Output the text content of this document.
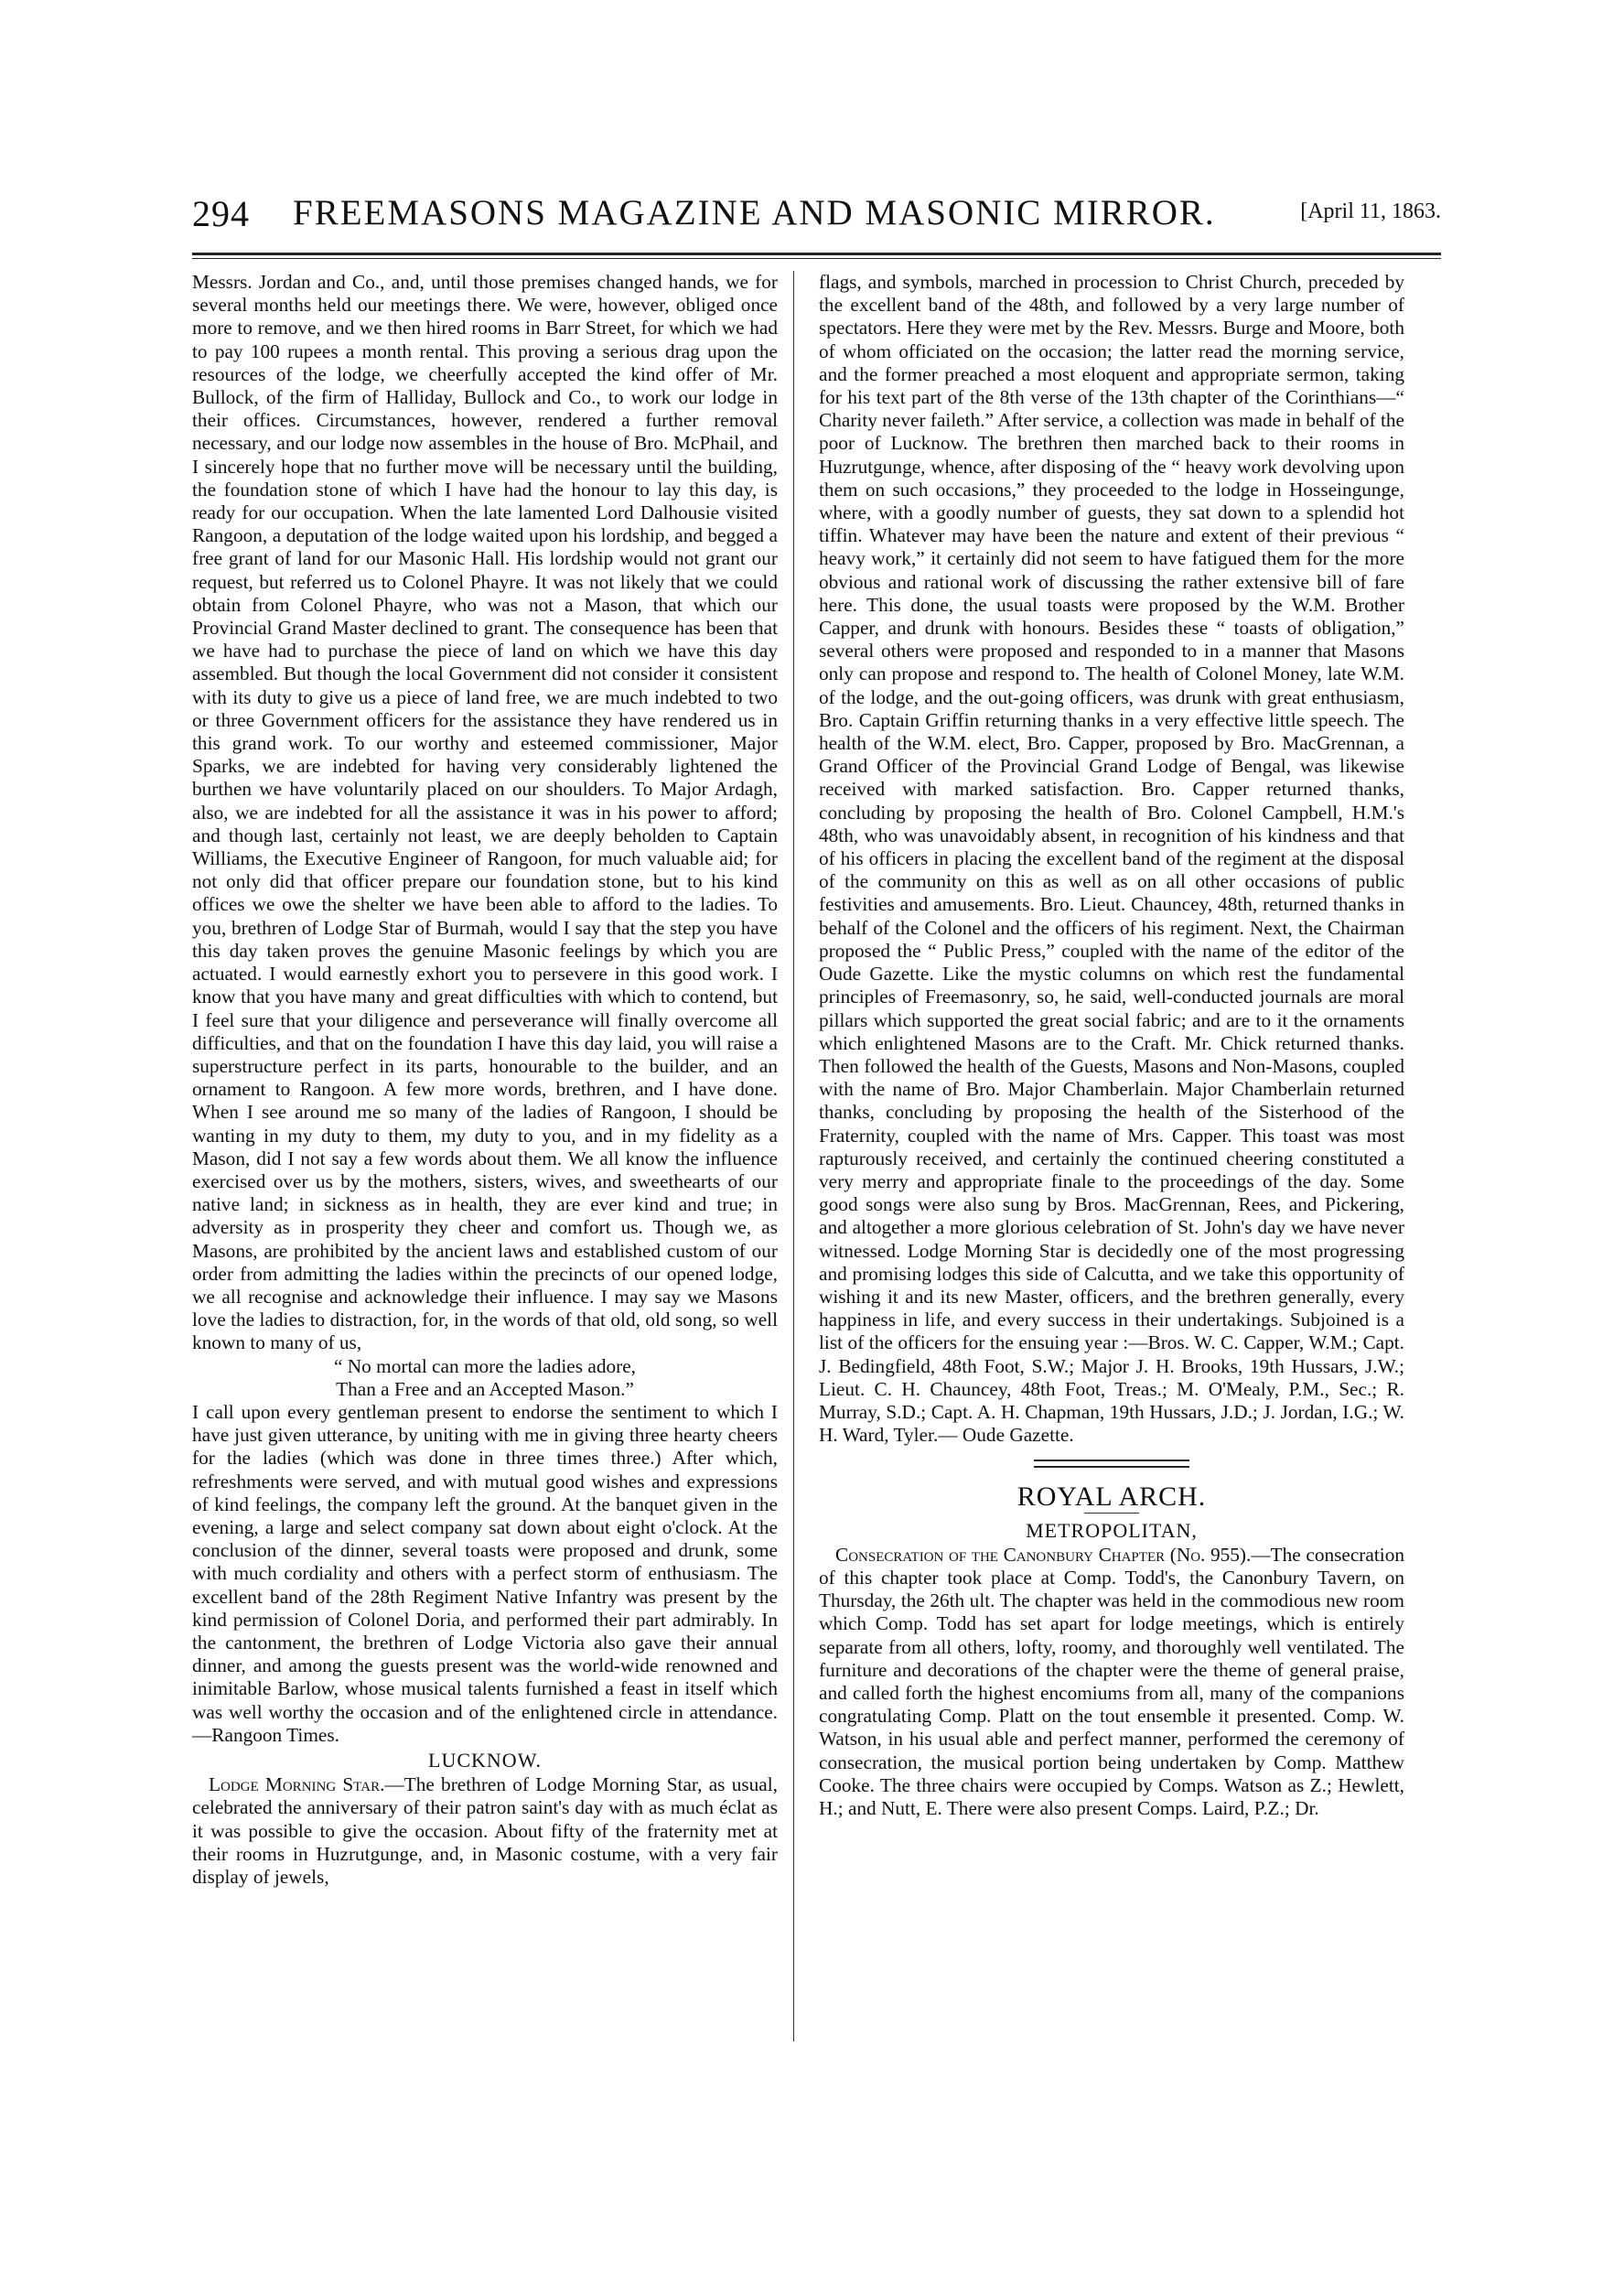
294 FREEMASONS MAGAZINE AND MASONIC MIRROR.	[April 11, 1863.

Messrs. Jordan and Co., and, until those premises changed hands, we for several months held our meetings there. We were, however, obliged once more to remove, and we then hired rooms in Barr Street, for which we had to pay 100 rupees a month rental. This proving a serious drag upon the resources of the lodge, we cheerfully accepted the kind offer of Mr. Bullock, of the firm of Halliday, Bullock and Co., to work our lodge in their offices. Circumstances, however, rendered a further removal necessary, and our lodge now assembles in the house of Bro. McPhail, and I sincerely hope that no further move will be necessary until the building, the foundation stone of which I have had the honour to lay this day, is ready for our occupation. When the late lamented Lord Dalhousie visited Rangoon, a deputation of the lodge waited upon his lordship, and begged a free grant of land for our Masonic Hall. His lordship would not grant our request, but referred us to Colonel Phayre. It was not likely that we could obtain from Colonel Phayre, who was not a Mason, that which our Provincial Grand Master declined to grant. The consequence has been that we have had to purchase the piece of land on which we have this day assembled. But though the local Government did not consider it consistent with its duty to give us a piece of land free, we are much indebted to two or three Government officers for the assistance they have rendered us in this grand work. To our worthy and esteemed commissioner, Major Sparks, we are indebted for having very considerably lightened the burthen we have voluntarily placed on our shoulders. To Major Ardagh, also, we are indebted for all the assistance it was in his power to afford; and though last, certainly not least, we are deeply beholden to Captain Williams, the Executive Engineer of Rangoon, for much valuable aid; for not only did that officer prepare our foundation stone, but to his kind offices we owe the shelter we have been able to afford to the ladies. To you, brethren of Lodge Star of Burmah, would I say that the step you have this day taken proves the genuine Masonic feelings by which you are actuated. I would earnestly exhort you to persevere in this good work. I know that you have many and great difficulties with which to contend, but I feel sure that your diligence and perseverance will finally overcome all difficulties, and that on the foundation I have this day laid, you will raise a superstructure perfect in its parts, honourable to the builder, and an ornament to Rangoon. A few more words, brethren, and I have done. When I see around me so many of the ladies of Rangoon, I should be wanting in my duty to them, my duty to you, and in my fidelity as a Mason, did I not say a few words about them. We all know the influence exercised over us by the mothers, sisters, wives, and sweethearts of our native land; in sickness as in health, they are ever kind and true; in adversity as in prosperity they cheer and comfort us. Though we, as Masons, are prohibited by the ancient laws and established custom of our order from admitting the ladies within the precincts of our opened lodge, we all recognise and acknowledge their influence. I may say we Masons love the ladies to distraction, for, in the words of that old, old song, so well known to many of us,

“ No mortal can more the ladies adore,

Than a Free and an Accepted Mason.”

I call upon every gentleman present to endorse the sentiment to which I have just given utterance, by uniting with me in giving three hearty cheers for the ladies (which was done in three times three.) After which, refreshments were served, and with mutual good wishes and expressions of kind feelings, the company left the ground. At the banquet given in the evening, a large and select company sat down about eight o'clock. At the conclusion of the dinner, several toasts were proposed and drunk, some with much cordiality and others with a perfect storm of enthusiasm. The excellent band of the 28th Regiment Native Infantry was present by the kind permission of Colonel Doria, and performed their part admirably. In the cantonment, the brethren of Lodge Victoria also gave their annual dinner, and among the guests present was the world-wide renowned and inimitable Barlow, whose musical talents furnished a feast in itself which was well worthy the occasion and of the enlightened circle in attendance.—Rangoon Times.

LUCKNOW.

Lodge Morning Star.—The brethren of Lodge Morning Star, as usual, celebrated the anniversary of their patron saint's day with as much éclat as it was possible to give the occasion. About fifty of the fraternity met at their rooms in Huzrutgunge, and, in Masonic costume, with a very fair display of jewels,

flags, and symbols, marched in procession to Christ Church, preceded by the excellent band of the 48th, and followed by a very large number of spectators. Here they were met by the Rev. Messrs. Burge and Moore, both of whom officiated on the occasion; the latter read the morning service, and the former preached a most eloquent and appropriate sermon, taking for his text part of the 8th verse of the 13th chapter of the Corinthians—“ Charity never faileth.” After service, a collection was made in behalf of the poor of Lucknow. The brethren then marched back to their rooms in Huzrutgunge, whence, after disposing of the “ heavy work devolving upon them on such occasions,” they proceeded to the lodge in Hosseingunge, where, with a goodly number of guests, they sat down to a splendid hot tiffin. Whatever may have been the nature and extent of their previous “ heavy work,” it certainly did not seem to have fatigued them for the more obvious and rational work of discussing the rather extensive bill of fare here. This done, the usual toasts were proposed by the W.M. Brother Capper, and drunk with honours. Besides these “ toasts of obligation,” several others were proposed and responded to in a manner that Masons only can propose and respond to. The health of Colonel Money, late W.M. of the lodge, and the out-going officers, was drunk with great enthusiasm, Bro. Captain Griffin returning thanks in a very effective little speech. The health of the W.M. elect, Bro. Capper, proposed by Bro. MacGrennan, a Grand Officer of the Provincial Grand Lodge of Bengal, was likewise received with marked satisfaction. Bro. Capper returned thanks, concluding by proposing the health of Bro. Colonel Campbell, H.M.'s 48th, who was unavoidably absent, in recognition of his kindness and that of his officers in placing the excellent band of the regiment at the disposal of the community on this as well as on all other occasions of public festivities and amusements. Bro. Lieut. Chauncey, 48th, returned thanks in behalf of the Colonel and the officers of his regiment. Next, the Chairman proposed the “ Public Press,” coupled with the name of the editor of the Oude Gazette. Like the mystic columns on which rest the fundamental principles of Freemasonry, so, he said, well-conducted journals are moral pillars which supported the great social fabric; and are to it the ornaments which enlightened Masons are to the Craft. Mr. Chick returned thanks. Then followed the health of the Guests, Masons and Non-Masons, coupled with the name of Bro. Major Chamberlain. Major Chamberlain returned thanks, concluding by proposing the health of the Sisterhood of the Fraternity, coupled with the name of Mrs. Capper. This toast was most rapturously received, and certainly the continued cheering constituted a very merry and appropriate finale to the proceedings of the day. Some good songs were also sung by Bros. MacGrennan, Rees, and Pickering, and altogether a more glorious celebration of St. John's day we have never witnessed. Lodge Morning Star is decidedly one of the most progressing and promising lodges this side of Calcutta, and we take this opportunity of wishing it and its new Master, officers, and the brethren generally, every happiness in life, and every success in their undertakings. Subjoined is a list of the officers for the ensuing year :—Bros. W. C. Capper, W.M.; Capt. J. Bedingfield, 48th Foot, S.W.; Major J. H. Brooks, 19th Hussars, J.W.; Lieut. C. H. Chauncey, 48th Foot, Treas.; M. O'Mealy, P.M., Sec.; R. Murray, S.D.; Capt. A. H. Chapman, 19th Hussars, J.D.; J. Jordan, I.G.; W. H. Ward, Tyler.— Oude Gazette.

ROYAL ARCH.
METROPOLITAN,

Consecration of the Canonbury Chapter (No. 955).—The consecration of this chapter took place at Comp. Todd's, the Canonbury Tavern, on Thursday, the 26th ult. The chapter was held in the commodious new room which Comp. Todd has set apart for lodge meetings, which is entirely separate from all others, lofty, roomy, and thoroughly well ventilated. The furniture and decorations of the chapter were the theme of general praise, and called forth the highest encomiums from all, many of the companions congratulating Comp. Platt on the tout ensemble it presented. Comp. W. Watson, in his usual able and perfect manner, performed the ceremony of consecration, the musical portion being undertaken by Comp. Matthew Cooke. The three chairs were occupied by Comps. Watson as Z.; Hewlett, H.; and Nutt, E. There were also present Comps. Laird, P.Z.; Dr.
